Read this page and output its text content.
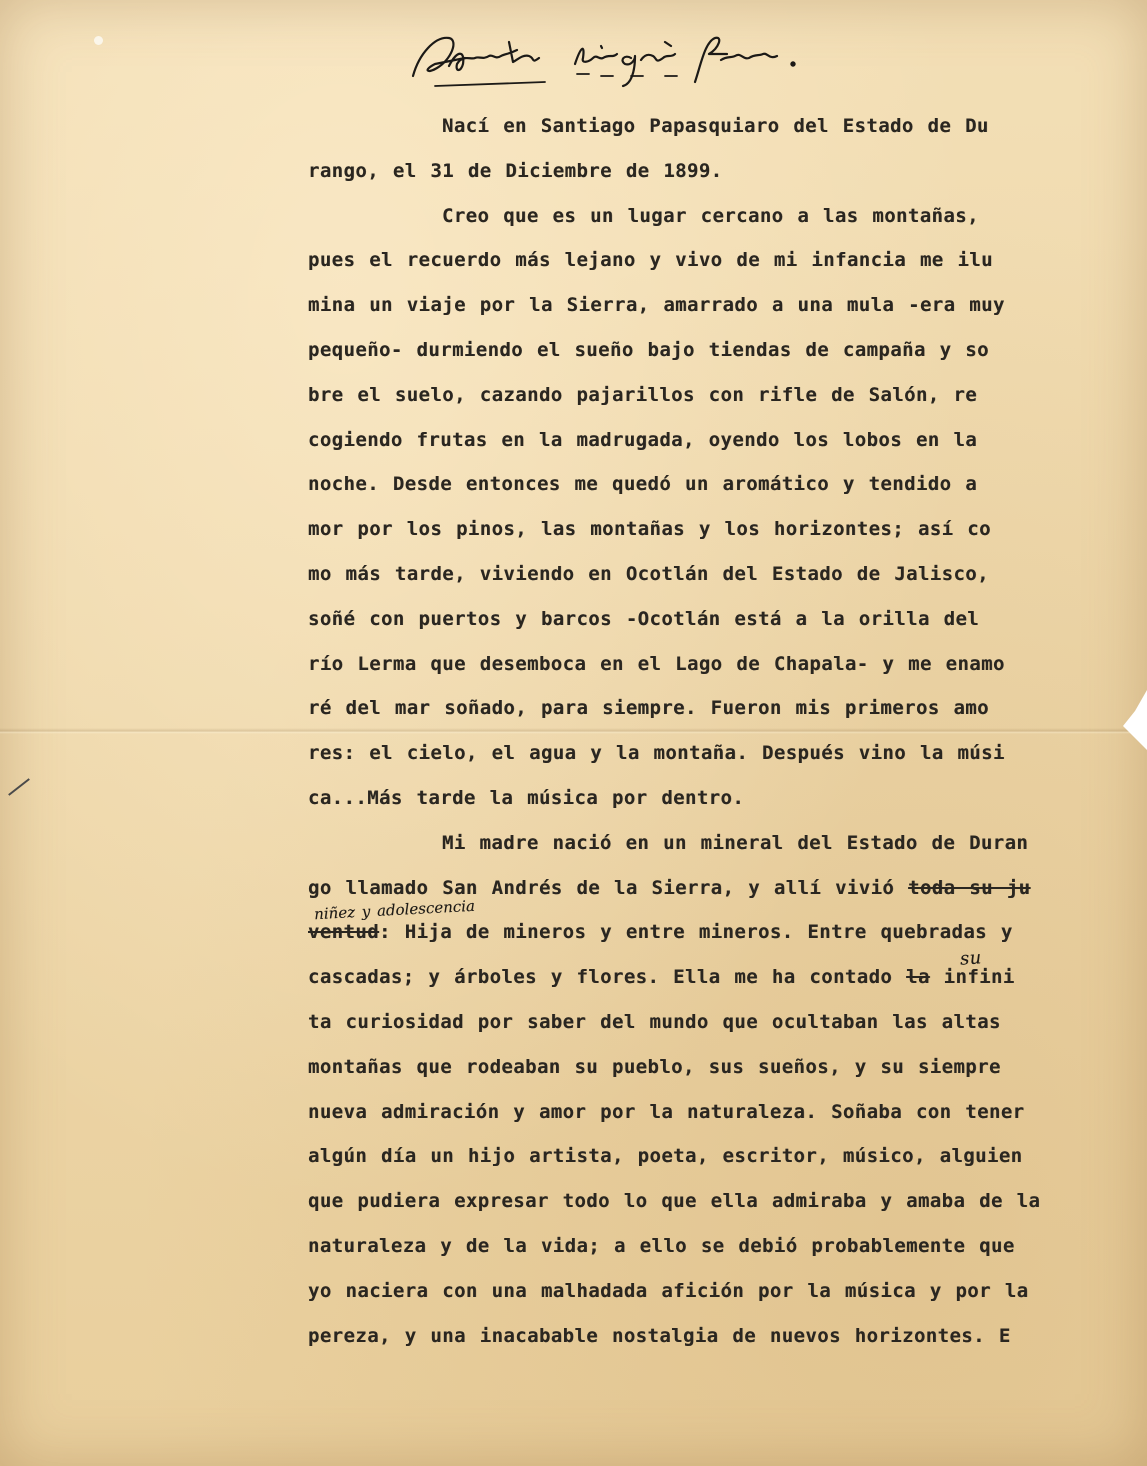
Nací en Santiago Papasquiaro del Estado de Du
rango, el 31 de Diciembre de 1899.
Creo que es un lugar cercano a las montañas,
pues el recuerdo más lejano y vivo de mi infancia me ilu
mina un viaje por la Sierra, amarrado a una mula -era muy
pequeño- durmiendo el sueño bajo tiendas de campaña y so
bre el suelo, cazando pajarillos con rifle de Salón, re
cogiendo frutas en la madrugada, oyendo los lobos en la
noche. Desde entonces me quedó un aromático y tendido a
mor por los pinos, las montañas y los horizontes; así co
mo más tarde, viviendo en Ocotlán del Estado de Jalisco,
soñé con puertos y barcos -Ocotlán está a la orilla del
río Lerma que desemboca en el Lago de Chapala- y me enamo
ré del mar soñado, para siempre. Fueron mis primeros amo
res: el cielo, el agua y la montaña. Después vino la músi
ca...Más tarde la música por dentro.
Mi madre nació en un mineral del Estado de Duran
go llamado San Andrés de la Sierra, y allí vivió toda su ju
niñez y adolescencia
ventud: Hija de mineros y entre mineros. Entre quebradas y
su
cascadas; y árboles y flores. Ella me ha contado la infini
ta curiosidad por saber del mundo que ocultaban las altas
montañas que rodeaban su pueblo, sus sueños, y su siempre
nueva admiración y amor por la naturaleza. Soñaba con tener
algún día un hijo artista, poeta, escritor, músico, alguien
que pudiera expresar todo lo que ella admiraba y amaba de la
naturaleza y de la vida; a ello se debió probablemente que
yo naciera con una malhadada afición por la música y por la
pereza, y una inacabable nostalgia de nuevos horizontes. E
